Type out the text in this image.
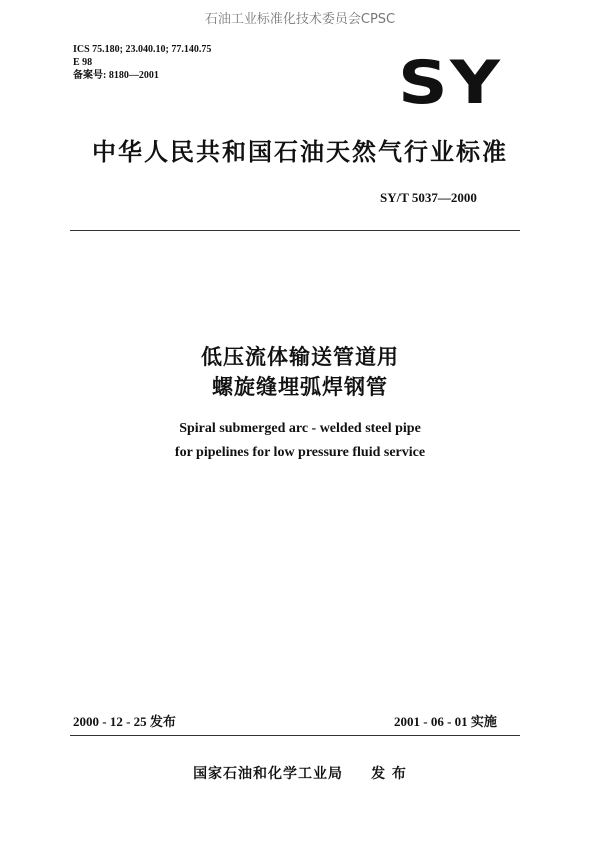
石油工业标准化技术委员会CPSC
ICS 75.180; 23.040.10; 77.140.75
E 98
备案号: 8180—2001	SY
中华人民共和国石油天然气行业标准
SY/T 5037—2000
低压流体输送管道用
螺旋缝埋弧焊钢管
Spiral submerged arc - welded steel pipe
for pipelines for low pressure fluid service
2000 - 12 - 25 发布	2001 - 06 - 01 实施
国家石油和化学工业局 发 布
